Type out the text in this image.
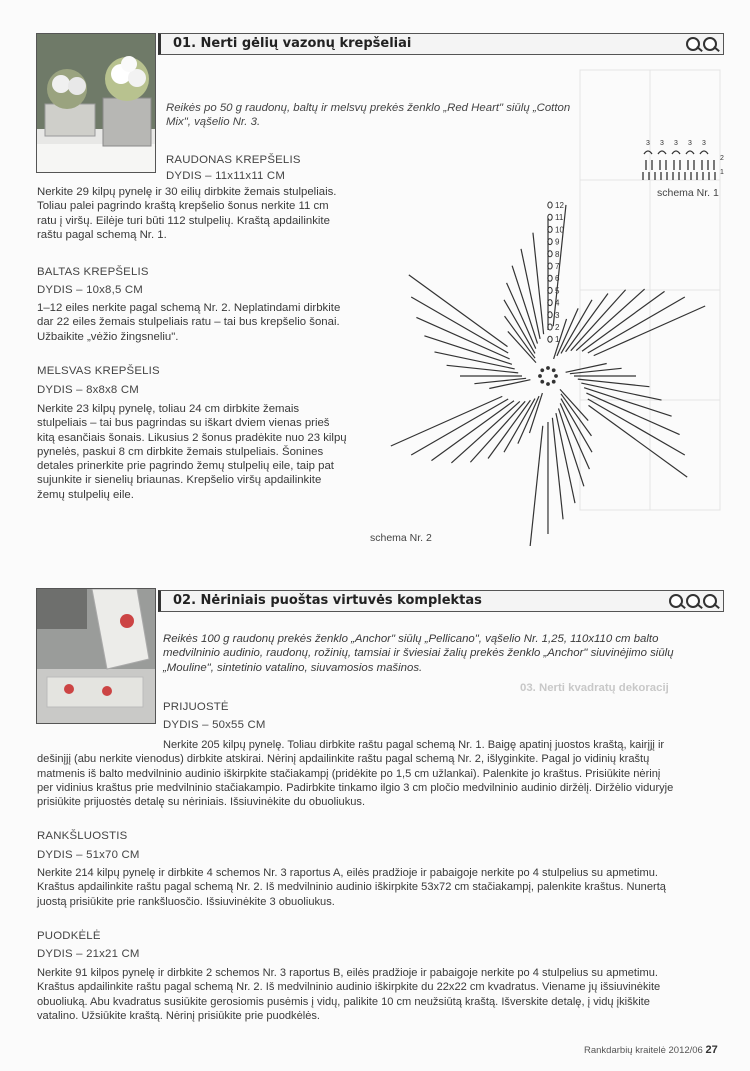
01. Nerti gėlių vazonų krepšeliai
Reikės po 50 g raudonų, baltų ir melsvų prekės ženklo „Red Heart" siūlų „Cotton Mix", vąšelio Nr. 3.
RAUDONAS KREPŠELIS
DYDIS – 11x11x11 CM

Nerkite 29 kilpų pynelę ir 30 eilių dirbkite žemais stulpeliais.

Toliau palei pagrindo kraštą krepšelio šonus nerkite 11 cm

ratu į viršų. Eilėje turi būti 112 stulpelių. Kraštą apdailinkite

raštu pagal schemą Nr. 1.

BALTAS KREPŠELIS
DYDIS – 10x8,5 CM

1–12 eiles nerkite pagal schemą Nr. 2. Neplatindami dirbkite

dar 22 eiles žemais stulpeliais ratu – tai bus krepšelio šonai.

Užbaikite „vėžio žingsneliu".

MELSVAS KREPŠELIS
DYDIS – 8x8x8 CM

Nerkite 23 kilpų pynelę, toliau 24 cm dirbkite žemais

stulpeliais – tai bus pagrindas su iškart dviem vienas prieš

kitą esančiais šonais. Likusius 2 šonus pradėkite nuo 23 kilpų

pynelės, paskui 8 cm dirbkite žemais stulpeliais. Šonines

detales prinerkite prie pagrindo žemų stulpelių eile, taip pat

sujunkite ir sienelių briaunas. Krepšelio viršų apdailinkite

žemų stulpelių eile.

3 3 3 3 3
2
1
schema Nr. 1
12
11
10
9
8
7
6
5
4
3
2
1
schema Nr. 2
02. Nėriniais puoštas virtuvės komplektas

Reikės 100 g raudonų prekės ženklo „Anchor" siūlų „Pellicano", vąšelio Nr. 1,25, 110x110 cm balto

medvilninio audinio, raudonų, rožinių, tamsiai ir šviesiai žalių prekės ženklo „Anchor" siuvinėjimo siūlų

„Mouline", sintetinio vatalino, siuvamosios mašinos.

03. Nerti kvadratų dekoracij
PRIJUOSTĖ
DYDIS – 50x55 CM

Nerkite 205 kilpų pynelę. Toliau dirbkite raštu pagal schemą Nr. 1. Baigę apatinį juostos kraštą, kairįjį ir

dešinįjį (abu nerkite vienodus) dirbkite atskirai. Nėrinį apdailinkite raštu pagal schemą Nr. 2, išlyginkite. Pagal jo vidinių kraštų

matmenis iš balto medvilninio audinio iškirpkite stačiakampį (pridėkite po 1,5 cm užlankai). Palenkite jo kraštus. Prisiūkite nėrinį

per vidinius kraštus prie medvilninio stačiakampio. Padirbkite tinkamo ilgio 3 cm pločio medvilninio audinio diržėlį. Diržėlio viduryje

prisiūkite prijuostės detalę su nėriniais. Išsiuvinėkite du obuoliukus.

RANKŠLUOSTIS
DYDIS – 51x70 CM

Nerkite 214 kilpų pynelę ir dirbkite 4 schemos Nr. 3 raportus A, eilės pradžioje ir pabaigoje nerkite po 4 stulpelius su apmetimu.

Kraštus apdailinkite raštu pagal schemą Nr. 2. Iš medvilninio audinio iškirpkite 53x72 cm stačiakampį, palenkite kraštus. Nunertą

juostą prisiūkite prie rankšluosčio. Išsiuvinėkite 3 obuoliukus.

PUODKĖLĖ
DYDIS – 21x21 CM

Nerkite 91 kilpos pynelę ir dirbkite 2 schemos Nr. 3 raportus B, eilės pradžioje ir pabaigoje nerkite po 4 stulpelius su apmetimu.

Kraštus apdailinkite raštu pagal schemą Nr. 2. Iš medvilninio audinio iškirpkite du 22x22 cm kvadratus. Viename jų išsiuvinėkite

obuoliuką. Abu kvadratus susiūkite gerosiomis pusėmis į vidų, palikite 10 cm neužsiūtą kraštą. Išverskite detalę, į vidų įkiškite

vatalino. Užsiūkite kraštą. Nėrinį prisiūkite prie puodkėlės.

Rankdarbių kraitelė 2012/06 27
